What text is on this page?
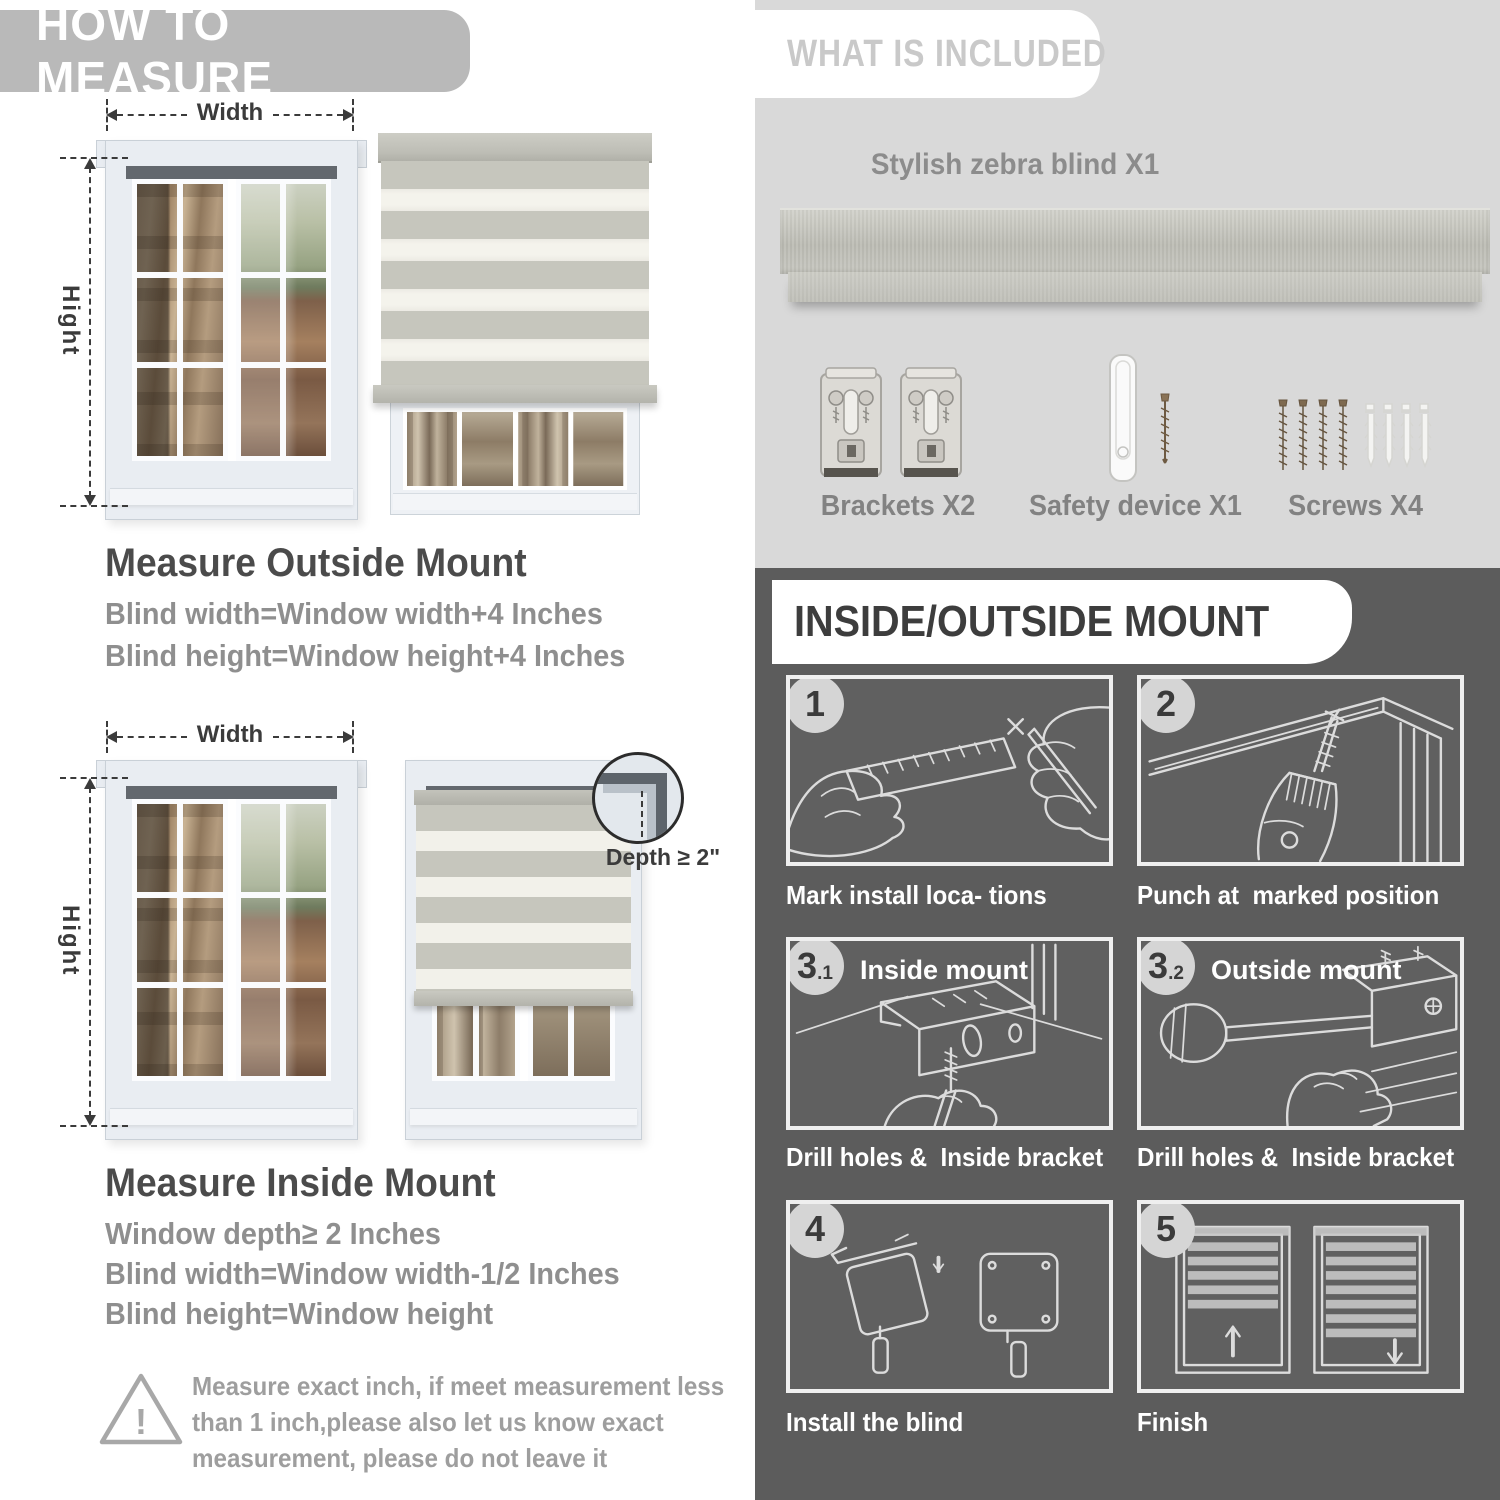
HOW TO MEASURE
Width
Hight
Measure Outside Mount
Blind width=Window width+4 Inches
Blind height=Window height+4 Inches
Width
Hight
Depth ≥ 2"
Measure Inside Mount
Window depth≥ 2 Inches
Blind width=Window width-1/2 Inches
Blind height=Window height
!
Measure exact inch, if meet measurement less
than 1 inch,please also let us know exact
measurement, please do not leave it
WHAT IS INCLUDED
Stylish zebra blind X1
Brackets X2	Safety device X1	Screws X4
INSIDE/OUTSIDE MOUNT
1
Mark install loca- tions
2
Punch at  marked position
3 .1 Inside mount
Drill holes &  Inside bracket
3 .2 Outside mount
Drill holes &  Inside bracket
4
Install the blind
5
Finish
